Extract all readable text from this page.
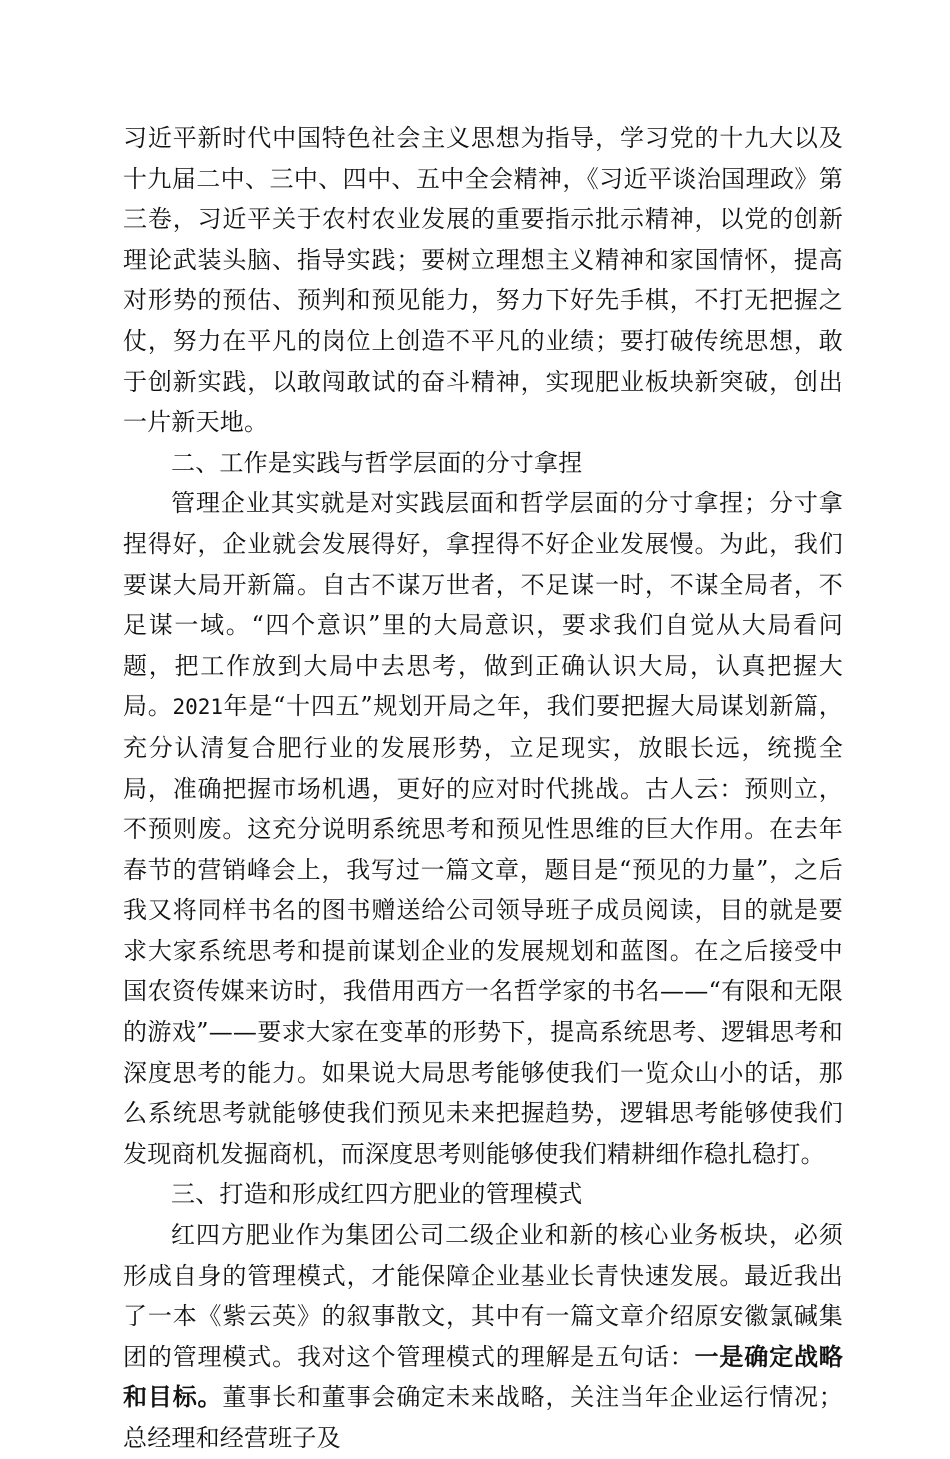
习近平新时代中国特色社会主义思想为指导，学习党的十九大以及十九届二中、三中、四中、五中全会精神，《习近平谈治国理政》第三卷，习近平关于农村农业发展的重要指示批示精神，以党的创新理论武装头脑、指导实践；要树立理想主义精神和家国情怀，提高对形势的预估、预判和预见能力，努力下好先手棋，不打无把握之仗，努力在平凡的岗位上创造不平凡的业绩；要打破传统思想，敢于创新实践，以敢闯敢试的奋斗精神，实现肥业板块新突破，创出一片新天地。

二、工作是实践与哲学层面的分寸拿捏

管理企业其实就是对实践层面和哲学层面的分寸拿捏；分寸拿捏得好，企业就会发展得好，拿捏得不好企业发展慢。为此，我们要谋大局开新篇。自古不谋万世者，不足谋一时，不谋全局者，不足谋一域。“四个意识”里的大局意识，要求我们自觉从大局看问题，把工作放到大局中去思考，做到正确认识大局，认真把握大局。2021年是“十四五”规划开局之年，我们要把握大局谋划新篇，充分认清复合肥行业的发展形势，立足现实，放眼长远，统揽全局，准确把握市场机遇，更好的应对时代挑战。古人云：预则立，不预则废。这充分说明系统思考和预见性思维的巨大作用。在去年春节的营销峰会上，我写过一篇文章，题目是“预见的力量”，之后我又将同样书名的图书赠送给公司领导班子成员阅读，目的就是要求大家系统思考和提前谋划企业的发展规划和蓝图。在之后接受中国农资传媒来访时，我借用西方一名哲学家的书名——“有限和无限的游戏”——要求大家在变革的形势下，提高系统思考、逻辑思考和深度思考的能力。如果说大局思考能够使我们一览众山小的话，那么系统思考就能够使我们预见未来把握趋势，逻辑思考能够使我们发现商机发掘商机，而深度思考则能够使我们精耕细作稳扎稳打。

三、打造和形成红四方肥业的管理模式

红四方肥业作为集团公司二级企业和新的核心业务板块，必须形成自身的管理模式，才能保障企业基业长青快速发展。最近我出了一本《紫云英》的叙事散文，其中有一篇文章介绍原安徽氯碱集团的管理模式。我对这个管理模式的理解是五句话：一是确定战略和目标。董事长和董事会确定未来战略，关注当年企业运行情况；总经理和经营班子及
